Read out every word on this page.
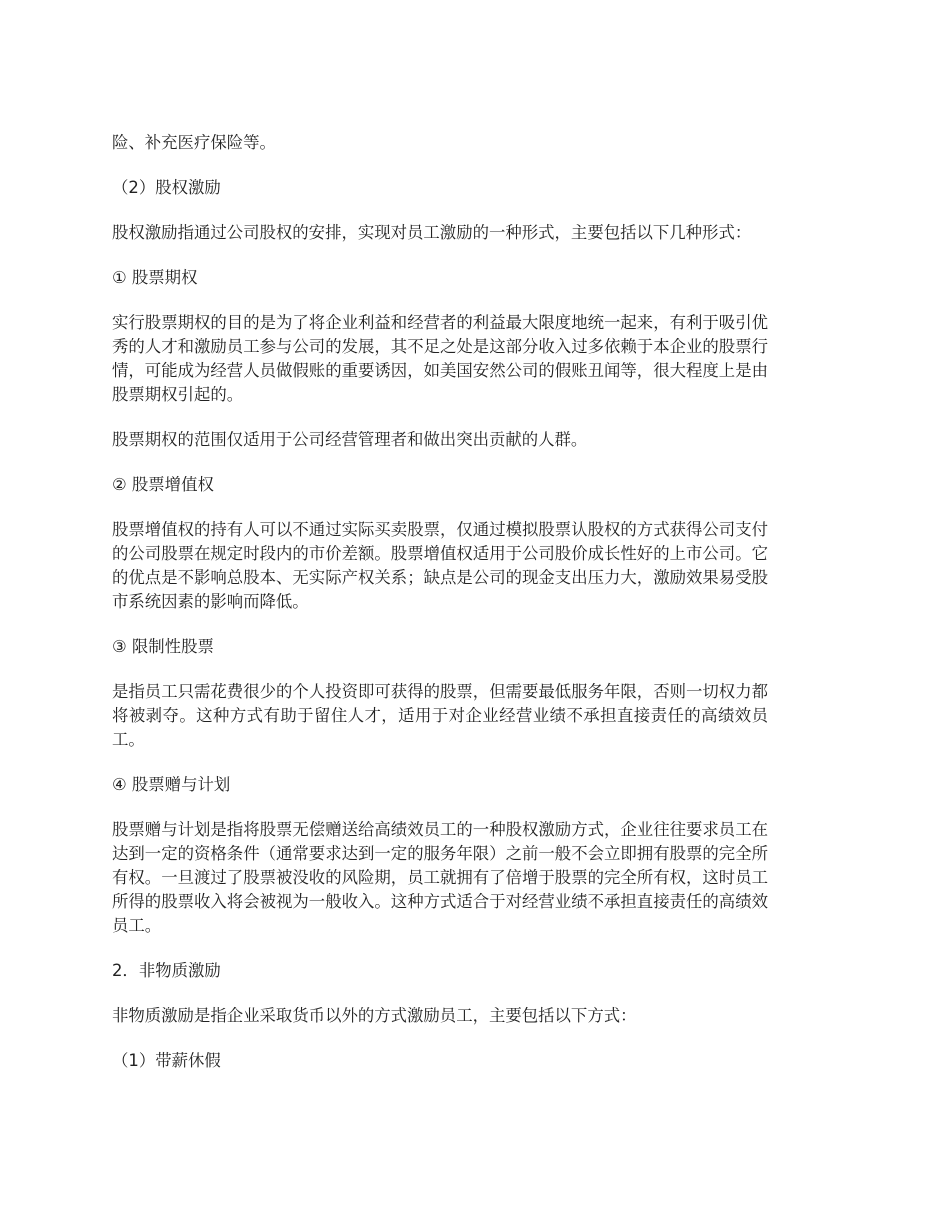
险、补充医疗保险等。

（2）股权激励

股权激励指通过公司股权的安排，实现对员工激励的一种形式，主要包括以下几种形式：

① 股票期权

实行股票期权的目的是为了将企业利益和经营者的利益最大限度地统一起来，有利于吸引优秀的人才和激励员工参与公司的发展，其不足之处是这部分收入过多依赖于本企业的股票行情，可能成为经营人员做假账的重要诱因，如美国安然公司的假账丑闻等，很大程度上是由股票期权引起的。

股票期权的范围仅适用于公司经营管理者和做出突出贡献的人群。

② 股票增值权

股票增值权的持有人可以不通过实际买卖股票，仅通过模拟股票认股权的方式获得公司支付的公司股票在规定时段内的市价差额。股票增值权适用于公司股价成长性好的上市公司。它的优点是不影响总股本、无实际产权关系；缺点是公司的现金支出压力大，激励效果易受股市系统因素的影响而降低。

③ 限制性股票

是指员工只需花费很少的个人投资即可获得的股票，但需要最低服务年限，否则一切权力都将被剥夺。这种方式有助于留住人才，适用于对企业经营业绩不承担直接责任的高绩效员工。

④ 股票赠与计划

股票赠与计划是指将股票无偿赠送给高绩效员工的一种股权激励方式，企业往往要求员工在达到一定的资格条件（通常要求达到一定的服务年限）之前一般不会立即拥有股票的完全所有权。一旦渡过了股票被没收的风险期，员工就拥有了倍增于股票的完全所有权，这时员工所得的股票收入将会被视为一般收入。这种方式适合于对经营业绩不承担直接责任的高绩效员工。

2．非物质激励

非物质激励是指企业采取货币以外的方式激励员工，主要包括以下方式：

（1）带薪休假
